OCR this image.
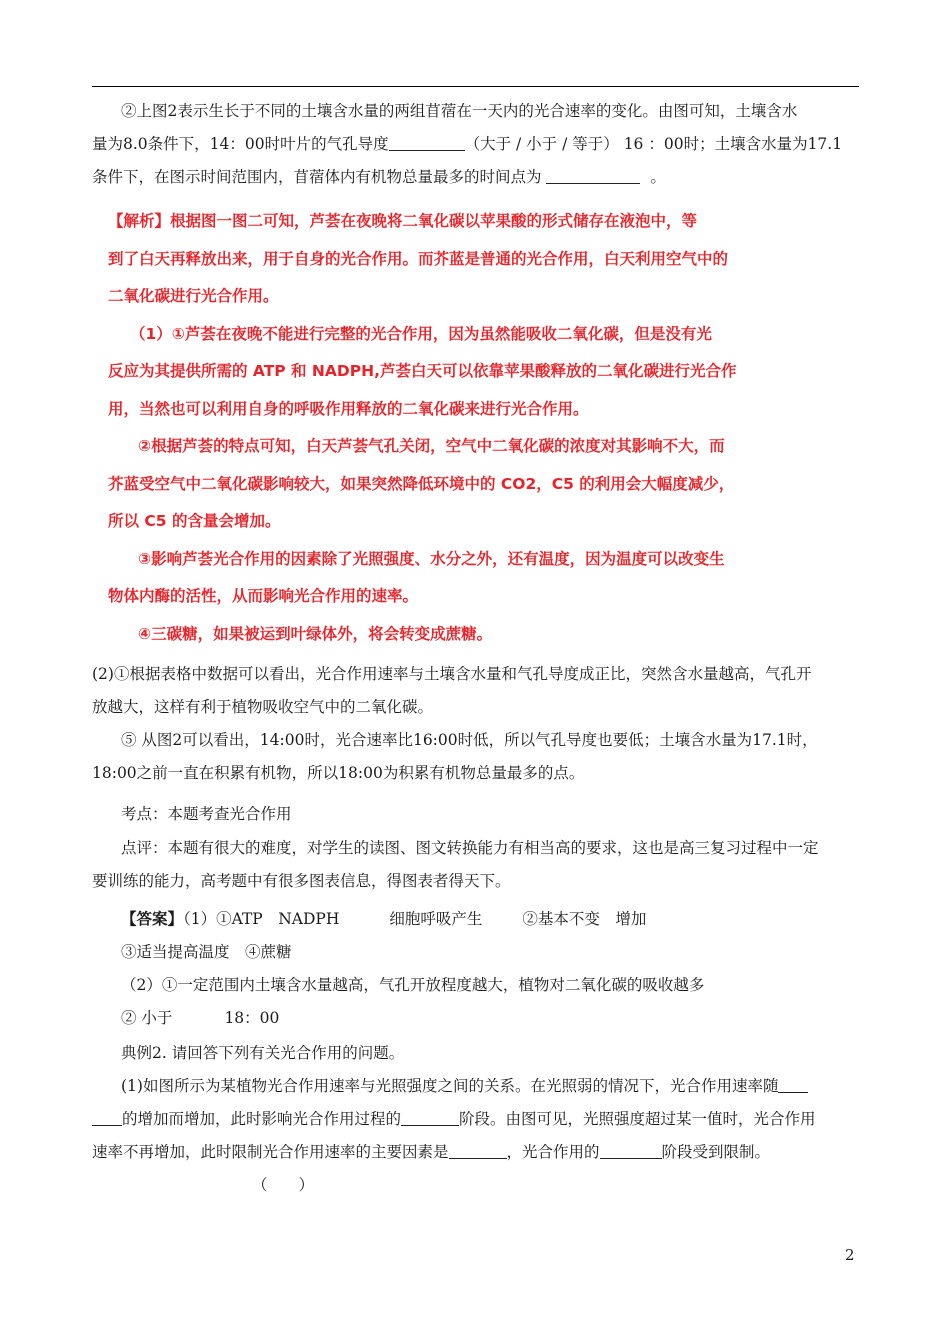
②上图2表示生长于不同的土壤含水量的两组苜蓿在一天内的光合速率的变化。由图可知，土壤含水
量为8.0条件下，14：00时叶片的气孔导度	（大于 / 小于 / 等于） 16 ：00时；土壤含水量为17.1
条件下，在图示时间范围内，苜蓿体内有机物总量最多的时间点为	。
【解析】根据图一图二可知，芦荟在夜晚将二氧化碳以苹果酸的形式储存在液泡中，等
到了白天再释放出来，用于自身的光合作用。而芥蓝是普通的光合作用，白天利用空气中的
二氧化碳进行光合作用。
（1）①芦荟在夜晚不能进行完整的光合作用，因为虽然能吸收二氧化碳，但是没有光
反应为其提供所需的 ATP 和 NADPH,芦荟白天可以依靠苹果酸释放的二氧化碳进行光合作
用，当然也可以利用自身的呼吸作用释放的二氧化碳来进行光合作用。
②根据芦荟的特点可知，白天芦荟气孔关闭，空气中二氧化碳的浓度对其影响不大，而
芥蓝受空气中二氧化碳影响较大，如果突然降低环境中的 CO2，C5 的利用会大幅度减少，
所以 C5 的含量会增加。
③影响芦荟光合作用的因素除了光照强度、水分之外，还有温度，因为温度可以改变生
物体内酶的活性，从而影响光合作用的速率。
④三碳糖，如果被运到叶绿体外，将会转变成蔗糖。
(2)①根据表格中数据可以看出，光合作用速率与土壤含水量和气孔导度成正比，突然含水量越高，气孔开
放越大，这样有利于植物吸收空气中的二氧化碳。
⑤ 从图2可以看出，14:00时，光合速率比16:00时低，所以气孔导度也要低；土壤含水量为17.1时，
18:00之前一直在积累有机物，所以18:00为积累有机物总量最多的点。
考点：本题考查光合作用
点评：本题有很大的难度，对学生的读图、图文转换能力有相当高的要求，这也是高三复习过程中一定
要训练的能力，高考题中有很多图表信息，得图表者得天下。
【答案】（1）①ATP　NADPH	细胞呼吸产生	②基本不变　增加
③适当提高温度　④蔗糖
（2）①一定范围内土壤含水量越高，气孔开放程度越大，植物对二氧化碳的吸收越多
② 小于	18：00
典例2. 请回答下列有关光合作用的问题。
(1)如图所示为某植物光合作用速率与光照强度之间的关系。在光照弱的情况下，光合作用速率随
的增加而增加，此时影响光合作用过程的	阶段。由图可见，光照强度超过某一值时，光合作用
速率不再增加，此时限制光合作用速率的主要因素是	，光合作用的	阶段受到限制。
（　　）
2
